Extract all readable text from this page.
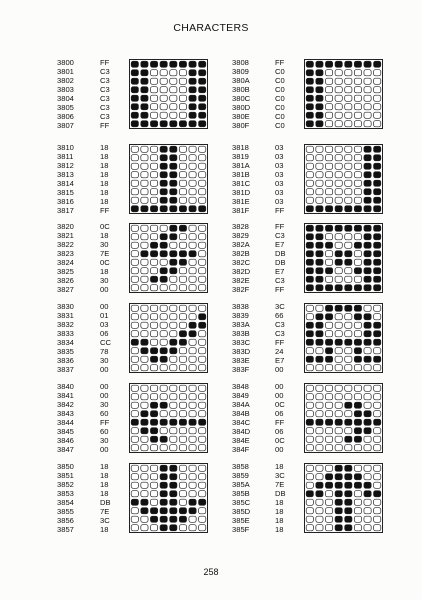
CHARACTERS
3800
3801
3802
3803
3804
3805
3806
3807
FF
C3
C3
C3
C3
C3
C3
FF
3808
3809
380A
380B
380C
380D
380E
380F
FF
C0
C0
C0
C0
C0
C0
C0
3810
3811
3812
3813
3814
3815
3816
3817
18
18
18
18
18
18
18
FF
3818
3819
381A
381B
381C
381D
381E
381F
03
03
03
03
03
03
03
FF
3820
3821
3822
3823
3824
3825
3826
3827
0C
18
30
7E
0C
18
30
00
3828
3829
382A
382B
382C
382D
382E
382F
FF
C3
E7
DB
DB
E7
C3
FF
3830
3831
3832
3833
3834
3835
3836
3837
00
01
03
06
CC
78
30
00
3838
3839
383A
383B
383C
383D
383E
383F
3C
66
C3
C3
FF
24
E7
00
3840
3841
3842
3843
3844
3845
3846
3847
00
00
30
60
FF
60
30
00
3848
3849
384A
384B
384C
384D
384E
384F
00
00
0C
06
FF
06
0C
00
3850
3851
3852
3853
3854
3855
3856
3857
18
18
18
18
DB
7E
3C
18
3858
3859
385A
385B
385C
385D
385E
385F
18
3C
7E
DB
18
18
18
18
258
